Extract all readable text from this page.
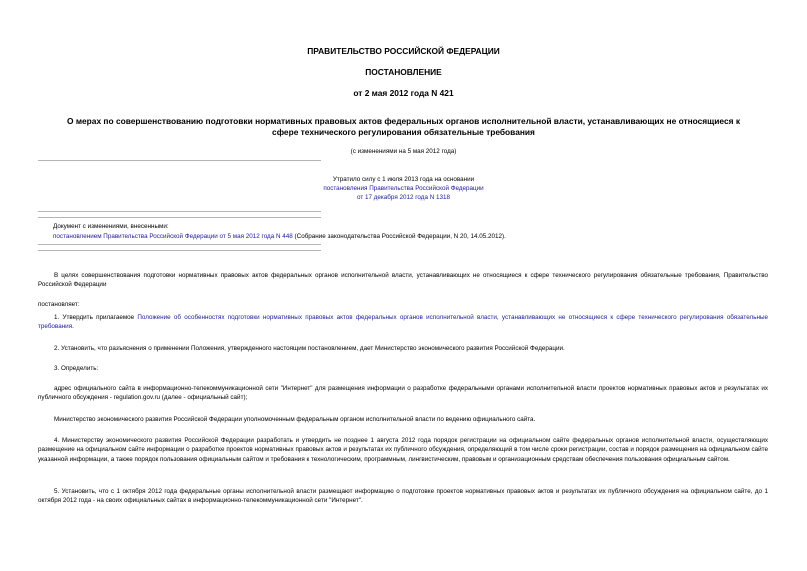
ПРАВИТЕЛЬСТВО РОССИЙСКОЙ ФЕДЕРАЦИИ
ПОСТАНОВЛЕНИЕ
от 2 мая 2012 года N 421
О мерах по совершенствованию подготовки нормативных правовых актов федеральных органов исполнительной власти, устанавливающих не относящиеся к
сфере технического регулирования обязательные требования
(с изменениями на 5 мая 2012 года)
Утратило силу с 1 июля 2013 года на основании
постановления Правительства Российской Федерации
от 17 декабря 2012 года N 1318
Документ с изменениями, внесенными:
постановлением Правительства Российской Федерации от 5 мая 2012 года N 448 (Собрание законодательства Российской Федерации, N 20, 14.05.2012).
В целях совершенствования подготовки нормативных правовых актов федеральных органов исполнительной власти, устанавливающих не относящиеся к сфере технического регулирования обязательные требования, Правительство Российской Федерации
постановляет:
1. Утвердить прилагаемое Положение об особенностях подготовки нормативных правовых актов федеральных органов исполнительной власти, устанавливающих не относящиеся к сфере технического регулирования обязательные требования.
2. Установить, что разъяснения о применении Положения, утвержденного настоящим постановлением, дает Министерство экономического развития Российской Федерации.
3. Определить:
адрес официального сайта в информационно-телекоммуникационной сети "Интернет" для размещения информации о разработке федеральными органами исполнительной власти проектов нормативных правовых актов и результатах их публичного обсуждения - regulation.gov.ru (далее - официальный сайт);
Министерство экономического развития Российской Федерации уполномоченным федеральным органом исполнительной власти по ведению официального сайта.
4. Министерству экономического развития Российской Федерации разработать и утвердить не позднее 1 августа 2012 года порядок регистрации на официальном сайте федеральных органов исполнительной власти, осуществляющих размещение на официальном сайте информации о разработке проектов нормативных правовых актов и результатах их публичного обсуждения, определяющий в том числе сроки регистрации, состав и порядок размещения на официальном сайте указанной информации, а также порядок пользования официальным сайтом и требования к технологическим, программным, лингвистическим, правовым и организационным средствам обеспечения пользования официальным сайтом.
5. Установить, что с 1 октября 2012 года федеральные органы исполнительной власти размещают информацию о подготовке проектов нормативных правовых актов и результатах их публичного обсуждения на официальном сайте, до 1 октября 2012 года - на своих официальных сайтах в информационно-телекоммуникационной сети "Интернет".
